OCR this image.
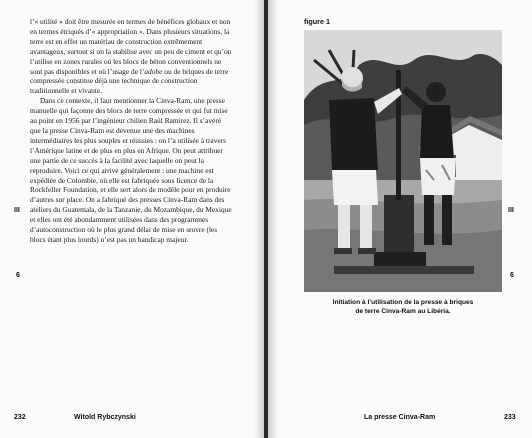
l’« utilité » doit être mesurée en termes de bénéfices globaux et non en termes étriqués d’« appropriation ». Dans plusieurs situations, la terre est en effet un matériau de construction extrêmement avantageux, surtout si on la stabilise avec un peu de ciment et qu’on l’utilise en zones rurales où les blocs de béton conventionnels ne sont pas disponibles et où l’usage de l’adobe ou de briques de terre compressée constitue déjà une technique de construction traditionnelle et vivante.

Dans ce contexte, il faut mentionner la Cinva-Ram, une presse manuelle qui façonne des blocs de terre compressée et qui fut mise au point en 1956 par l’ingénieur chilien Raúl Ramírez. Il s’avéré que la presse Cinva-Ram est devenue une des machines intermédiaires les plus souples et réussies : on l’a utilisée à travers l’Amérique latine et de plus en plus en Afrique. On peut attribuer une partie de ce succès à la facilité avec laquelle on peut la reproduire. Voici ce qui arrive généralement : une machine est expédiée de Colombie, où elle est fabriquée sous licence de la Rockfeller Foundation, et elle sert alors de modèle pour en produire d’autres sur place. On a fabriqué des presses Cinva-Ram dans des ateliers du Guatemala, de la Tanzanie, du Mozambique, du Mexique et elles ont été abondamment utilisées dans des programmes d’autoconstruction où le plus grand délai de mise en œuvre (les blocs étant plus lourds) n’est pas un handicap majeur.

III
6
232	Witold Rybczynski
figure 1
Initiation à l’utilisation de la presse à briques
de terre Cinva-Ram au Libéria.
III
6
La presse Cinva-Ram	233
